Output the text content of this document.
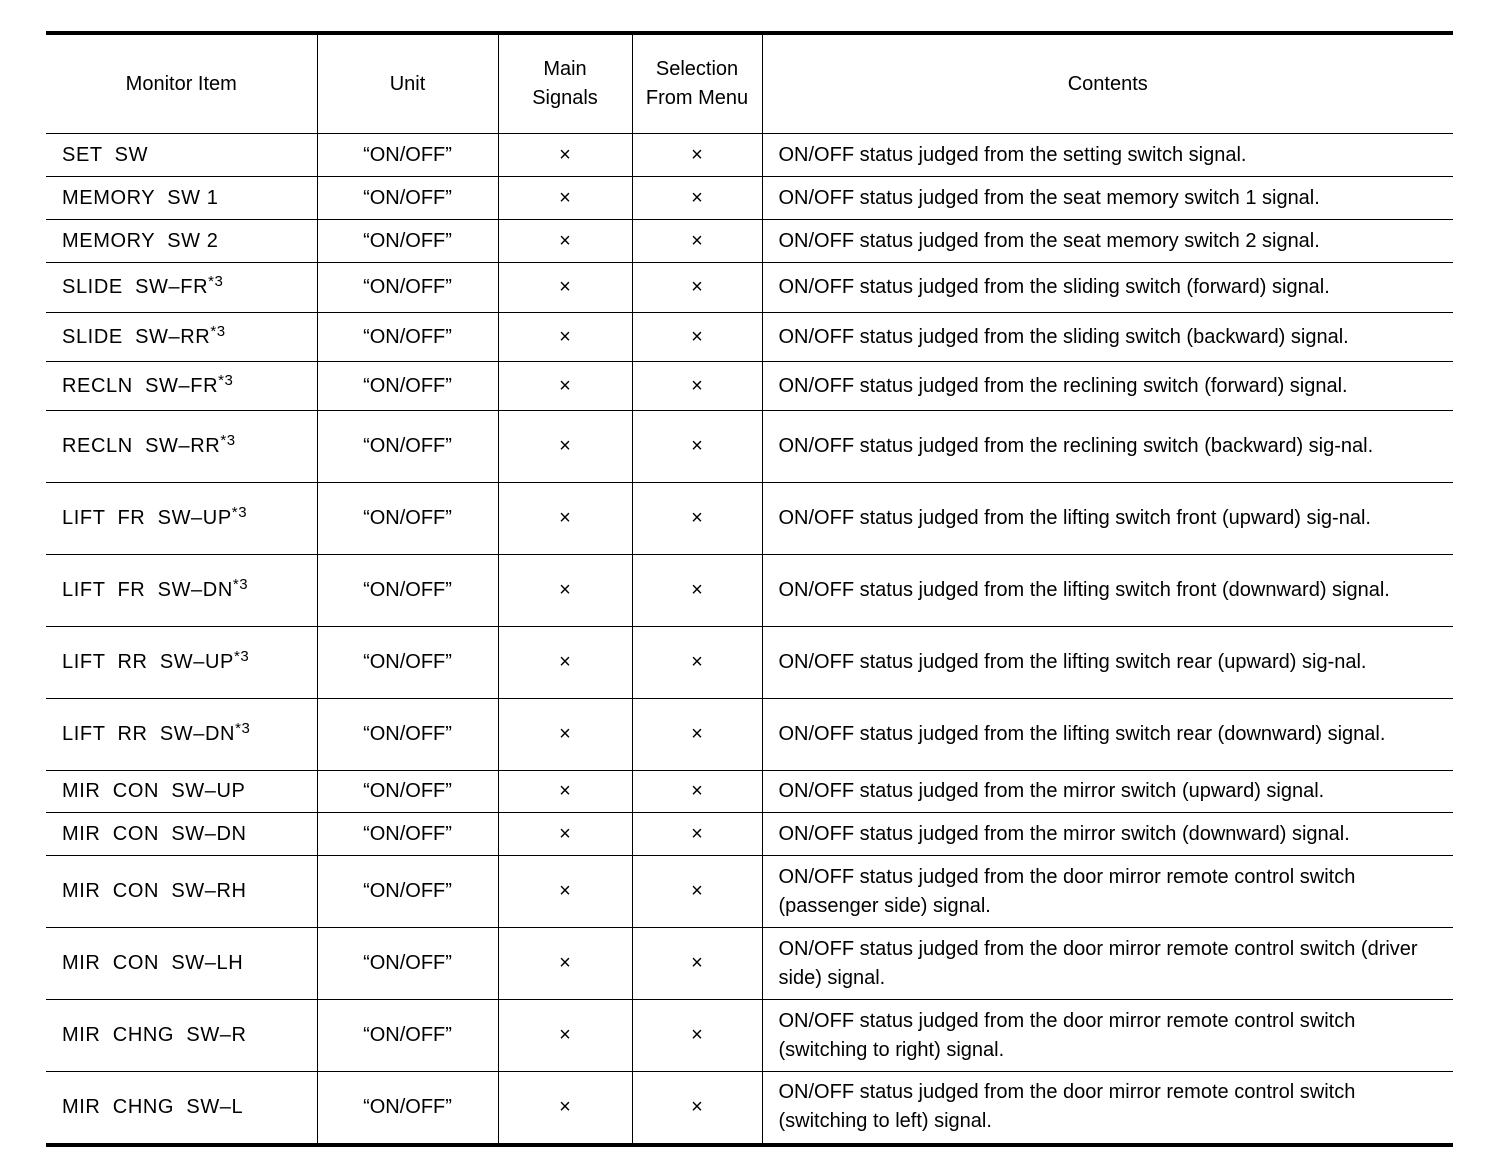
Monitor Item	Unit	Main Signals	Selection From Menu	Contents
SET  SW	“ON/OFF”	×	×	ON/OFF status judged from the setting switch signal.
MEMORY  SW 1	“ON/OFF”	×	×	ON/OFF status judged from the seat memory switch 1 signal.
MEMORY  SW 2	“ON/OFF”	×	×	ON/OFF status judged from the seat memory switch 2 signal.
SLIDE  SW–FR$^{*3}$	“ON/OFF”	×	×	ON/OFF status judged from the sliding switch (forward) signal.
SLIDE  SW–RR$^{*3}$	“ON/OFF”	×	×	ON/OFF status judged from the sliding switch (backward) signal.
RECLN  SW–FR$^{*3}$	“ON/OFF”	×	×	ON/OFF status judged from the reclining switch (forward) signal.
RECLN  SW–RR$^{*3}$	“ON/OFF”	×	×	ON/OFF status judged from the reclining switch (backward) sig-nal.
LIFT  FR  SW–UP$^{*3}$	“ON/OFF”	×	×	ON/OFF status judged from the lifting switch front (upward) sig-nal.
LIFT  FR  SW–DN$^{*3}$	“ON/OFF”	×	×	ON/OFF status judged from the lifting switch front (downward) signal.
LIFT  RR  SW–UP$^{*3}$	“ON/OFF”	×	×	ON/OFF status judged from the lifting switch rear (upward) sig-nal.
LIFT  RR  SW–DN$^{*3}$	“ON/OFF”	×	×	ON/OFF status judged from the lifting switch rear (downward) signal.
MIR  CON  SW–UP	“ON/OFF”	×	×	ON/OFF status judged from the mirror switch (upward) signal.
MIR  CON  SW–DN	“ON/OFF”	×	×	ON/OFF status judged from the mirror switch (downward) signal.
MIR  CON  SW–RH	“ON/OFF”	×	×	ON/OFF status judged from the door mirror remote control switch (passenger side) signal.
MIR  CON  SW–LH	“ON/OFF”	×	×	ON/OFF status judged from the door mirror remote control switch (driver side) signal.
MIR  CHNG  SW–R	“ON/OFF”	×	×	ON/OFF status judged from the door mirror remote control switch (switching to right) signal.
MIR  CHNG  SW–L	“ON/OFF”	×	×	ON/OFF status judged from the door mirror remote control switch (switching to left) signal.
